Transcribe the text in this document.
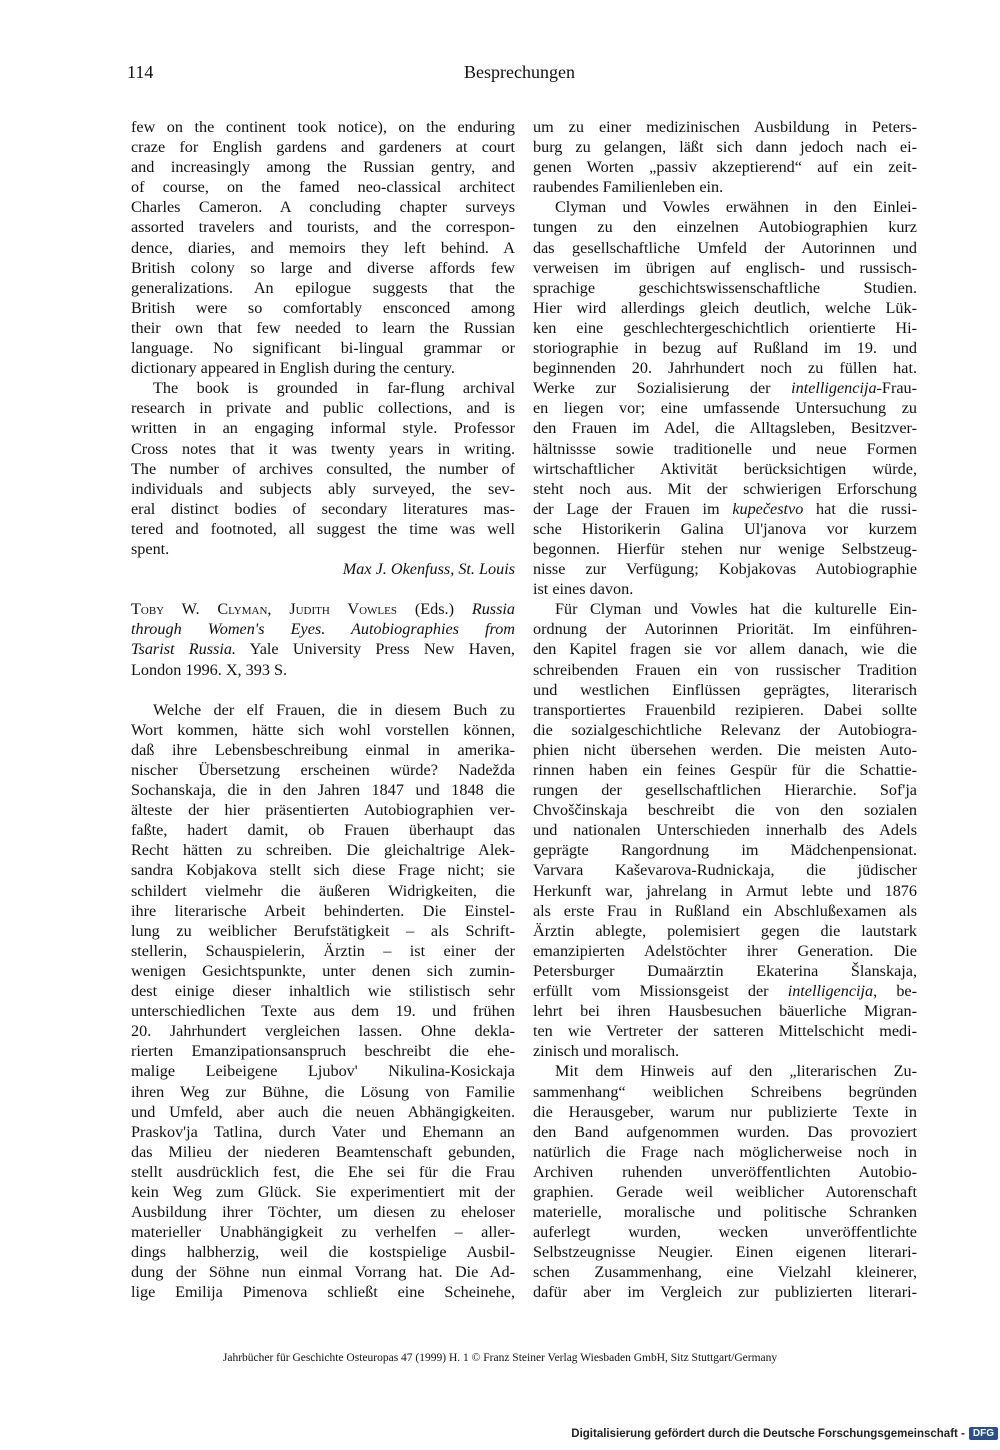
114	Besprechungen
few on the continent took notice), on the enduring
craze for English gardens and gardeners at court
and increasingly among the Russian gentry, and
of course, on the famed neo-classical architect
Charles Cameron. A concluding chapter surveys
assorted travelers and tourists, and the correspon-
dence, diaries, and memoirs they left behind. A
British colony so large and diverse affords few
generalizations. An epilogue suggests that the
British were so comfortably ensconced among
their own that few needed to learn the Russian
language. No significant bi-lingual grammar or
dictionary appeared in English during the century.
The book is grounded in far-flung archival
research in private and public collections, and is
written in an engaging informal style. Professor
Cross notes that it was twenty years in writing.
The number of archives consulted, the number of
individuals and subjects ably surveyed, the sev-
eral distinct bodies of secondary literatures mas-
tered and footnoted, all suggest the time was well
spent.
Max J. Okenfuss, St. Louis
Toby W. Clyman, Judith Vowles (Eds.) Russia
through Women's Eyes. Autobiographies from
Tsarist Russia. Yale University Press New Haven,
London 1996. X, 393 S.
Welche der elf Frauen, die in diesem Buch zu
Wort kommen, hätte sich wohl vorstellen können,
daß ihre Lebensbeschreibung einmal in amerika-
nischer Übersetzung erscheinen würde? Nadežda
Sochanskaja, die in den Jahren 1847 und 1848 die
älteste der hier präsentierten Autobiographien ver-
faßte, hadert damit, ob Frauen überhaupt das
Recht hätten zu schreiben. Die gleichaltrige Alek-
sandra Kobjakova stellt sich diese Frage nicht; sie
schildert vielmehr die äußeren Widrigkeiten, die
ihre literarische Arbeit behinderten. Die Einstel-
lung zu weiblicher Berufstätigkeit – als Schrift-
stellerin, Schauspielerin, Ärztin – ist einer der
wenigen Gesichtspunkte, unter denen sich zumin-
dest einige dieser inhaltlich wie stilistisch sehr
unterschiedlichen Texte aus dem 19. und frühen
20. Jahrhundert vergleichen lassen. Ohne dekla-
rierten Emanzipationsanspruch beschreibt die ehe-
malige Leibeigene Ljubov' Nikulina-Kosickaja
ihren Weg zur Bühne, die Lösung von Familie
und Umfeld, aber auch die neuen Abhängigkeiten.
Praskov'ja Tatlina, durch Vater und Ehemann an
das Milieu der niederen Beamtenschaft gebunden,
stellt ausdrücklich fest, die Ehe sei für die Frau
kein Weg zum Glück. Sie experimentiert mit der
Ausbildung ihrer Töchter, um diesen zu eheloser
materieller Unabhängigkeit zu verhelfen – aller-
dings halbherzig, weil die kostspielige Ausbil-
dung der Söhne nun einmal Vorrang hat. Die Ad-
lige Emilija Pimenova schließt eine Scheinehe,
um zu einer medizinischen Ausbildung in Peters-
burg zu gelangen, läßt sich dann jedoch nach ei-
genen Worten „passiv akzeptierend“ auf ein zeit-
raubendes Familienleben ein.
Clyman und Vowles erwähnen in den Einlei-
tungen zu den einzelnen Autobiographien kurz
das gesellschaftliche Umfeld der Autorinnen und
verweisen im übrigen auf englisch- und russisch-
sprachige geschichtswissenschaftliche Studien.
Hier wird allerdings gleich deutlich, welche Lük-
ken eine geschlechtergeschichtlich orientierte Hi-
storiographie in bezug auf Rußland im 19. und
beginnenden 20. Jahrhundert noch zu füllen hat.
Werke zur Sozialisierung der intelligencija-Frau-
en liegen vor; eine umfassende Untersuchung zu
den Frauen im Adel, die Alltagsleben, Besitzver-
hältnissse sowie traditionelle und neue Formen
wirtschaftlicher Aktivität berücksichtigen würde,
steht noch aus. Mit der schwierigen Erforschung
der Lage der Frauen im kupečestvo hat die russi-
sche Historikerin Galina Ul'janova vor kurzem
begonnen. Hierfür stehen nur wenige Selbstzeug-
nisse zur Verfügung; Kobjakovas Autobiographie
ist eines davon.
Für Clyman und Vowles hat die kulturelle Ein-
ordnung der Autorinnen Priorität. Im einführen-
den Kapitel fragen sie vor allem danach, wie die
schreibenden Frauen ein von russischer Tradition
und westlichen Einflüssen geprägtes, literarisch
transportiertes Frauenbild rezipieren. Dabei sollte
die sozialgeschichtliche Relevanz der Autobiogra-
phien nicht übersehen werden. Die meisten Auto-
rinnen haben ein feines Gespür für die Schattie-
rungen der gesellschaftlichen Hierarchie. Sof'ja
Chvoščinskaja beschreibt die von den sozialen
und nationalen Unterschieden innerhalb des Adels
geprägte Rangordnung im Mädchenpensionat.
Varvara Kaševarova-Rudnickaja, die jüdischer
Herkunft war, jahrelang in Armut lebte und 1876
als erste Frau in Rußland ein Abschlußexamen als
Ärztin ablegte, polemisiert gegen die lautstark
emanzipierten Adelstöchter ihrer Generation. Die
Petersburger Dumaärztin Ekaterina Šlanskaja,
erfüllt vom Missionsgeist der intelligencija, be-
lehrt bei ihren Hausbesuchen bäuerliche Migran-
ten wie Vertreter der satteren Mittelschicht medi-
zinisch und moralisch.
Mit dem Hinweis auf den „literarischen Zu-
sammenhang“ weiblichen Schreibens begründen
die Herausgeber, warum nur publizierte Texte in
den Band aufgenommen wurden. Das provoziert
natürlich die Frage nach möglicherweise noch in
Archiven ruhenden unveröffentlichten Autobio-
graphien. Gerade weil weiblicher Autorenschaft
materielle, moralische und politische Schranken
auferlegt wurden, wecken unveröffentlichte
Selbstzeugnisse Neugier. Einen eigenen literari-
schen Zusammenhang, eine Vielzahl kleinerer,
dafür aber im Vergleich zur publizierten literari-
Jahrbücher für Geschichte Osteuropas 47 (1999) H. 1 © Franz Steiner Verlag Wiesbaden GmbH, Sitz Stuttgart/Germany
Digitalisierung gefördert durch die Deutsche Forschungsgemeinschaft - DFG
